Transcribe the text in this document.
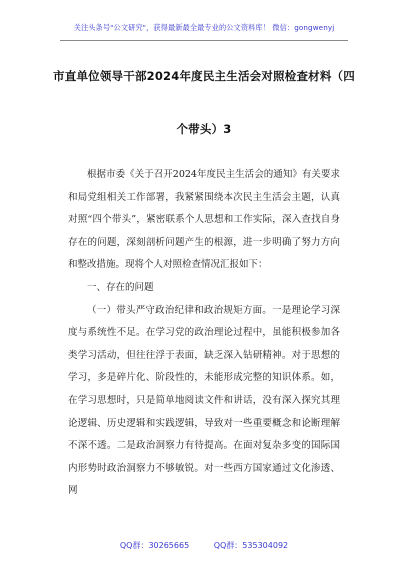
关注头条号"公文研究"，获得最新最全最专业的公文资料库！ 微信：gongwenyj
市直单位领导干部2024年度民主生活会对照检查材料（四
个带头）3

根据市委《关于召开2024年度民主生活会的通知》有关要求和局党组相关工作部署，我紧紧围绕本次民主生活会主题，认真对照“四个带头”，紧密联系个人思想和工作实际，深入查找自身存在的问题，深刻剖析问题产生的根源，进一步明确了努力方向和整改措施。现将个人对照检查情况汇报如下：

一、存在的问题

（一）带头严守政治纪律和政治规矩方面。一是理论学习深度与系统性不足。在学习党的政治理论过程中，虽能积极参加各类学习活动，但往往浮于表面，缺乏深入钻研精神。对于思想的学习，多是碎片化、阶段性的，未能形成完整的知识体系。如，在学习思想时，只是简单地阅读文件和讲话，没有深入探究其理论逻辑、历史逻辑和实践逻辑，导致对一些重要概念和论断理解不深不透。二是政治洞察力有待提高。在面对复杂多变的国际国内形势时政治洞察力不够敏锐。对一些西方国家通过文化渗透、网

QQ群：30265665	QQ群：535304092
